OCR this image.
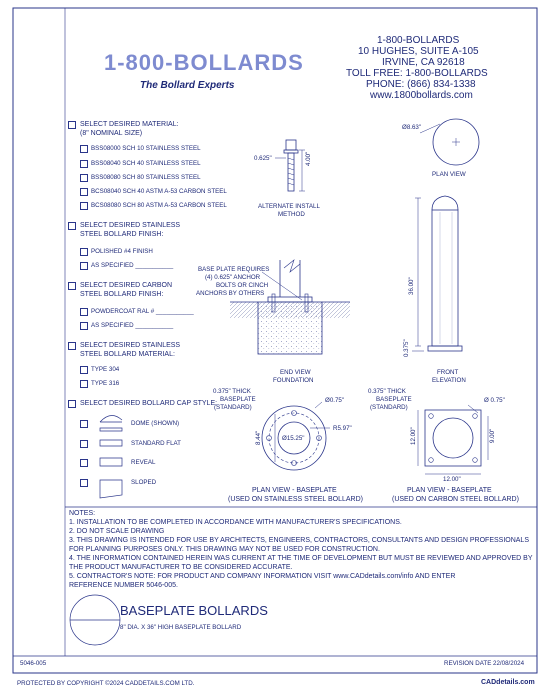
1-800-BOLLARDS
The Bollard Experts
1-800-BOLLARDS
10 HUGHES, SUITE A-105
IRVINE, CA 92618
TOLL FREE: 1-800-BOLLARDS
PHONE: (866) 834-1338
www.1800bollards.com
SELECT DESIRED MATERIAL:
(8" NOMINAL SIZE)
BSS08000 SCH 10 STAINLESS STEEL
BSS08040 SCH 40 STAINLESS STEEL
BSS08080 SCH 80 STAINLESS STEEL
BCS08040 SCH 40 ASTM A-53 CARBON STEEL
BCS08080 SCH 80 ASTM A-53 CARBON STEEL
SELECT DESIRED STAINLESS
STEEL BOLLARD FINISH:
POLISHED #4 FINISH
AS SPECIFIED ___________
SELECT DESIRED CARBON
STEEL BOLLARD FINISH:
POWDERCOAT RAL # ___________
AS SPECIFIED ___________
SELECT DESIRED STAINLESS
STEEL BOLLARD MATERIAL:
TYPE 304
TYPE 316
SELECT DESIRED BOLLARD CAP STYLE:
DOME (SHOWN)
STANDARD FLAT
REVEAL
SLOPED
0.625"	4.00"
ALTERNATE INSTALL
METHOD
Ø8.63"
PLAN VIEW
36.00"
0.375"
FRONT
ELEVATION
BASE PLATE REQUIRES
(4) 0.625" ANCHOR
BOLTS OR CINCH
ANCHORS BY OTHERS
END VIEW
FOUNDATION
0.375" THICK
BASEPLATE
(STANDARD)
Ø0.75"
R5.97"
Ø15.25"
8.44"
PLAN VIEW - BASEPLATE
(USED ON STAINLESS STEEL BOLLARD)
0.375" THICK
BASEPLATE
(STANDARD)
Ø 0.75"
12.00"	9.00"
12.00"
PLAN VIEW - BASEPLATE
(USED ON CARBON STEEL BOLLARD)
NOTES:
1. INSTALLATION TO BE COMPLETED IN ACCORDANCE WITH MANUFACTURER'S SPECIFICATIONS.
2. DO NOT SCALE DRAWING
3. THIS DRAWING IS INTENDED FOR USE BY ARCHITECTS, ENGINEERS, CONTRACTORS, CONSULTANTS AND DESIGN PROFESSIONALS
FOR PLANNING PURPOSES ONLY. THIS DRAWING MAY NOT BE USED FOR CONSTRUCTION.
4. THE INFORMATION CONTAINED HEREIN WAS CURRENT AT THE TIME OF DEVELOPMENT BUT MUST BE REVIEWED AND APPROVED BY
THE PRODUCT MANUFACTURER TO BE CONSIDERED ACCURATE.
5. CONTRACTOR'S NOTE: FOR PRODUCT AND COMPANY INFORMATION VISIT www.CADdetails.com/info AND ENTER
REFERENCE NUMBER 5046-005.
BASEPLATE BOLLARDS
8" DIA. X 36" HIGH BASEPLATE BOLLARD
5046-005	REVISION DATE 22/08/2024
PROTECTED BY COPYRIGHT ©2024 CADDETAILS.COM LTD.	CADdetails.com
